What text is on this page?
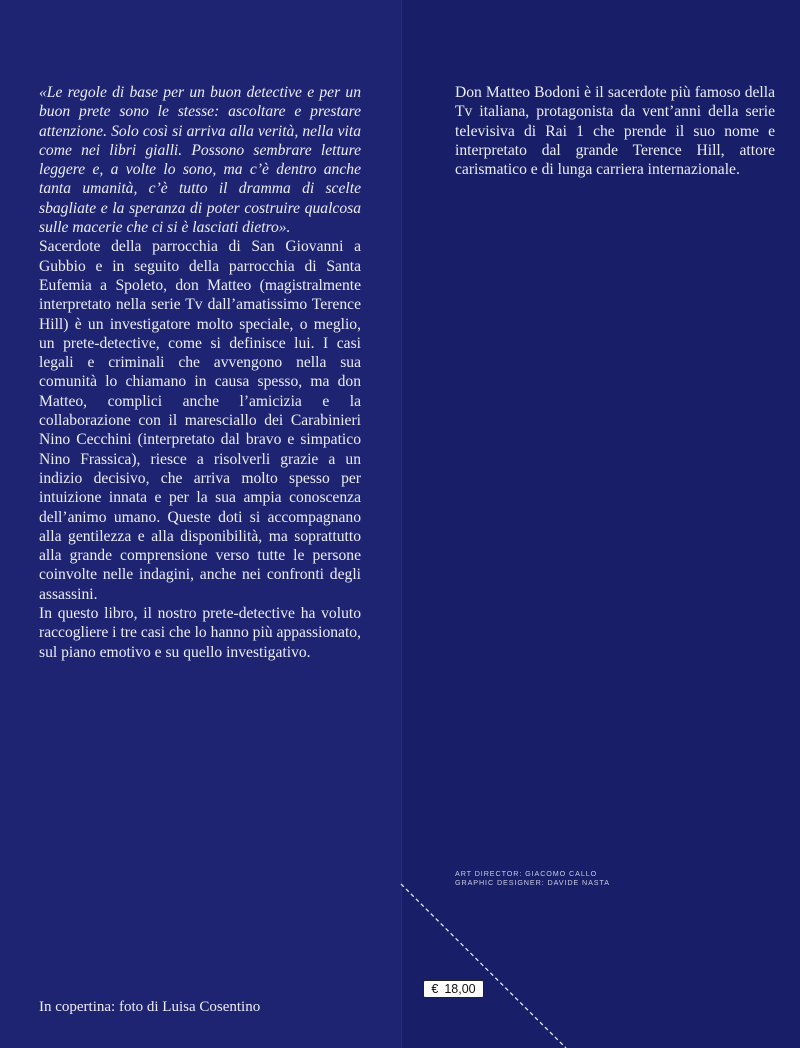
«Le regole di base per un buon detective e per un buon prete sono le stesse: ascoltare e prestare attenzione. Solo così si arriva alla verità, nella vita come nei libri gialli. Possono sembrare letture leggere e, a volte lo sono, ma c’è dentro anche tanta umanità, c’è tutto il dramma di scelte sbagliate e la speranza di poter costruire qualcosa sulle macerie che ci si è lasciati dietro».

Sacerdote della parrocchia di San Giovanni a Gubbio e in seguito della parrocchia di Santa Eufemia a Spoleto, don Matteo (magistralmente interpretato nella serie Tv dall’amatissimo Terence Hill) è un investigatore molto speciale, o meglio, un prete-detective, come si definisce lui. I casi legali e criminali che avvengono nella sua comunità lo chiamano in causa spesso, ma don Matteo, complici anche l’amicizia e la collaborazione con il maresciallo dei Carabinieri Nino Cecchini (interpretato dal bravo e simpatico Nino Frassica), riesce a risolverli grazie a un indizio decisivo, che arriva molto spesso per intuizione innata e per la sua ampia conoscenza dell’animo umano. Queste doti si accompagnano alla gentilezza e alla disponibilità, ma soprattutto alla grande comprensione verso tutte le persone coinvolte nelle indagini, anche nei confronti degli assassini.

In questo libro, il nostro prete-detective ha voluto raccogliere i tre casi che lo hanno più appassionato, sul piano emotivo e su quello investigativo.

In copertina: foto di Luisa Cosentino

Don Matteo Bodoni è il sacerdote più famoso della Tv italiana, protagonista da vent’anni della serie televisiva di Rai 1 che prende il suo nome e interpretato dal grande Terence Hill, attore carismatico e di lunga carriera internazionale.

ART DIRECTOR: GIACOMO CALLO
GRAPHIC DESIGNER: DAVIDE NASTA
€ 18,00
